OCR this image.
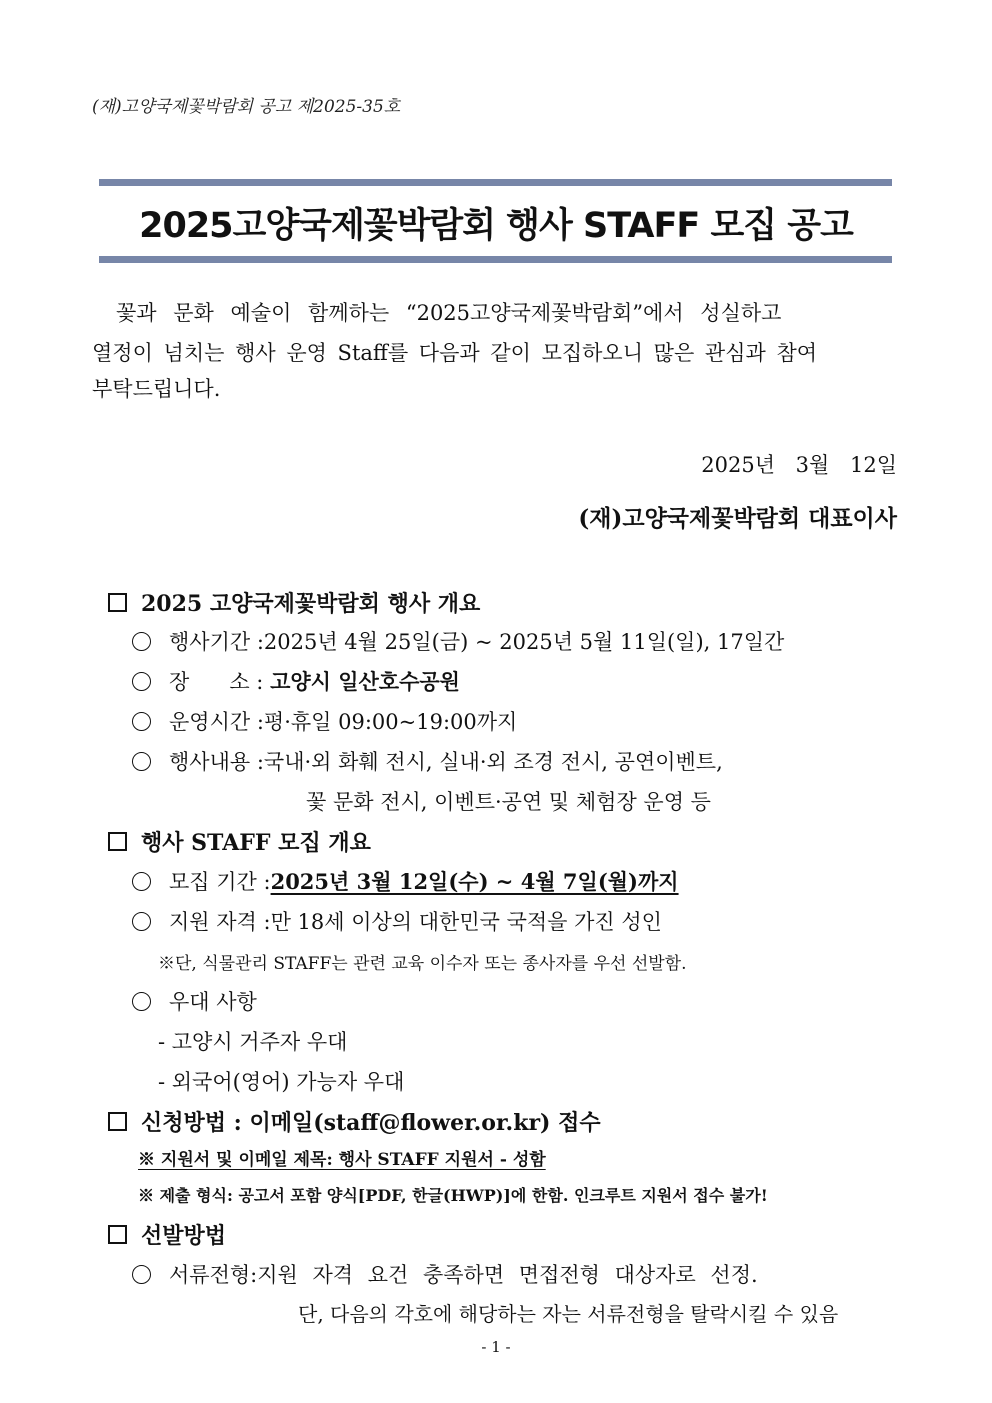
(재)고양국제꽃박람회 공고 제2025-35호
2025고양국제꽃박람회 행사 STAFF 모집 공고
꽃과 문화 예술이 함께하는 “2025고양국제꽃박람회”에서 성실하고
열정이 넘치는 행사 운영 Staff를 다음과 같이 모집하오니 많은 관심과 참여
부탁드립니다.
2025년 3월 12일
(재)고양국제꽃박람회 대표이사
2025 고양국제꽃박람회 행사 개요
행사기간 : 2025년 4월 25일(금) ~ 2025년 5월 11일(일), 17일간
장      소 : 고양시 일산호수공원
운영시간 : 평·휴일 09:00~19:00까지
행사내용 : 국내·외 화훼 전시, 실내·외 조경 전시, 공연이벤트,
꽃 문화 전시, 이벤트·공연 및 체험장 운영 등
행사 STAFF 모집 개요
모집 기간 : 2025년 3월 12일(수) ~ 4월 7일(월)까지
지원 자격 : 만 18세 이상의 대한민국 국적을 가진 성인
※단, 식물관리 STAFF는 관련 교육 이수자 또는 종사자를 우선 선발함.
우대 사항
- 고양시 거주자 우대
- 외국어(영어) 가능자 우대
신청방법 : 이메일(staff@flower.or.kr) 접수
※ 지원서 및 이메일 제목: 행사 STAFF 지원서 - 성함
※ 제출 형식: 공고서 포함 양식[PDF, 한글(HWP)]에 한함. 인크루트 지원서 접수 불가!
선발방법
서류전형: 지원 자격 요건 충족하면 면접전형 대상자로 선정.
단, 다음의 각호에 해당하는 자는 서류전형을 탈락시킬 수 있음
- 1 -
